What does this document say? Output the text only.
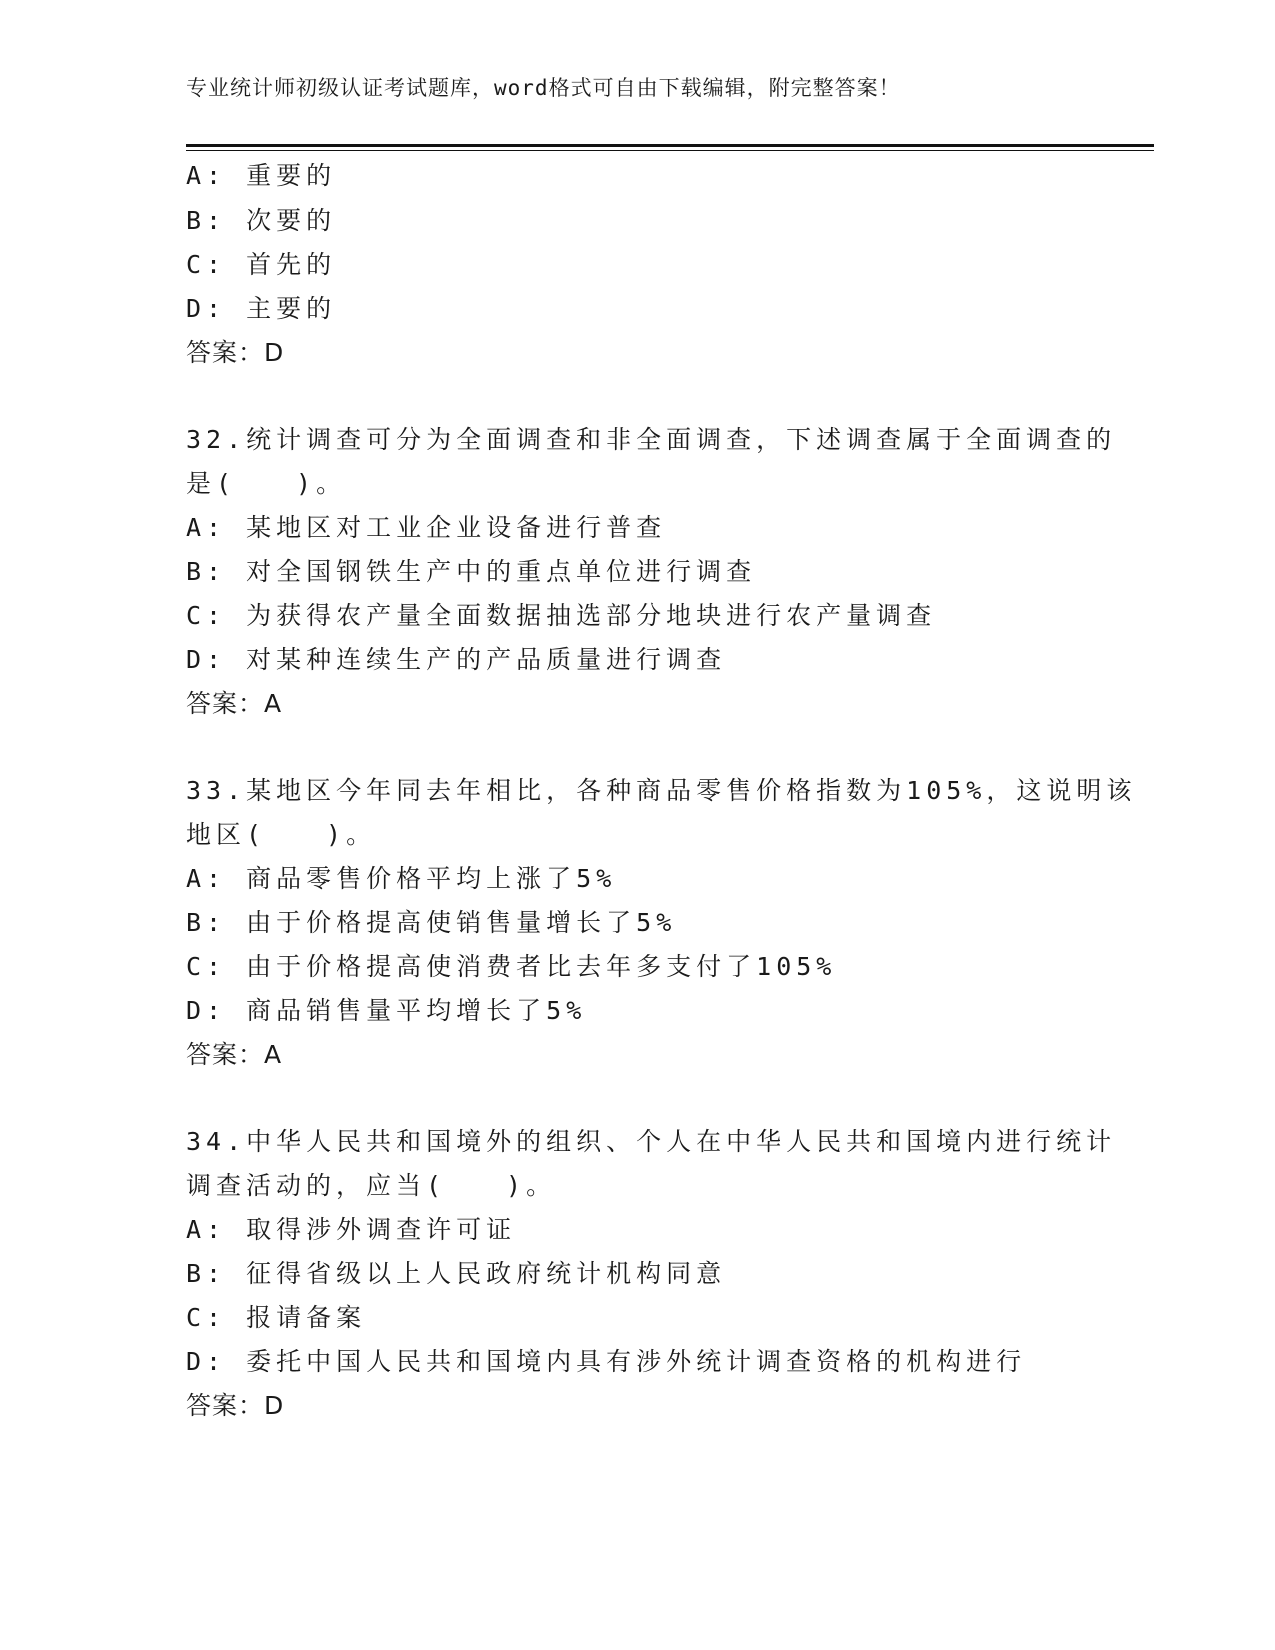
专业统计师初级认证考试题库，word格式可自由下载编辑，附完整答案！
A: 重要的
B: 次要的
C: 首先的
D: 主要的
答案：D
32.统计调查可分为全面调查和非全面调查，下述调查属于全面调查的
是(　　)。
A: 某地区对工业企业设备进行普查
B: 对全国钢铁生产中的重点单位进行调查
C: 为获得农产量全面数据抽选部分地块进行农产量调查
D: 对某种连续生产的产品质量进行调查
答案：A
33.某地区今年同去年相比，各种商品零售价格指数为105%，这说明该
地区(　　)。
A: 商品零售价格平均上涨了5%
B: 由于价格提高使销售量增长了5%
C: 由于价格提高使消费者比去年多支付了105%
D: 商品销售量平均增长了5%
答案：A
34.中华人民共和国境外的组织、个人在中华人民共和国境内进行统计
调查活动的，应当(　　)。
A: 取得涉外调查许可证
B: 征得省级以上人民政府统计机构同意
C: 报请备案
D: 委托中国人民共和国境内具有涉外统计调查资格的机构进行
答案：D
